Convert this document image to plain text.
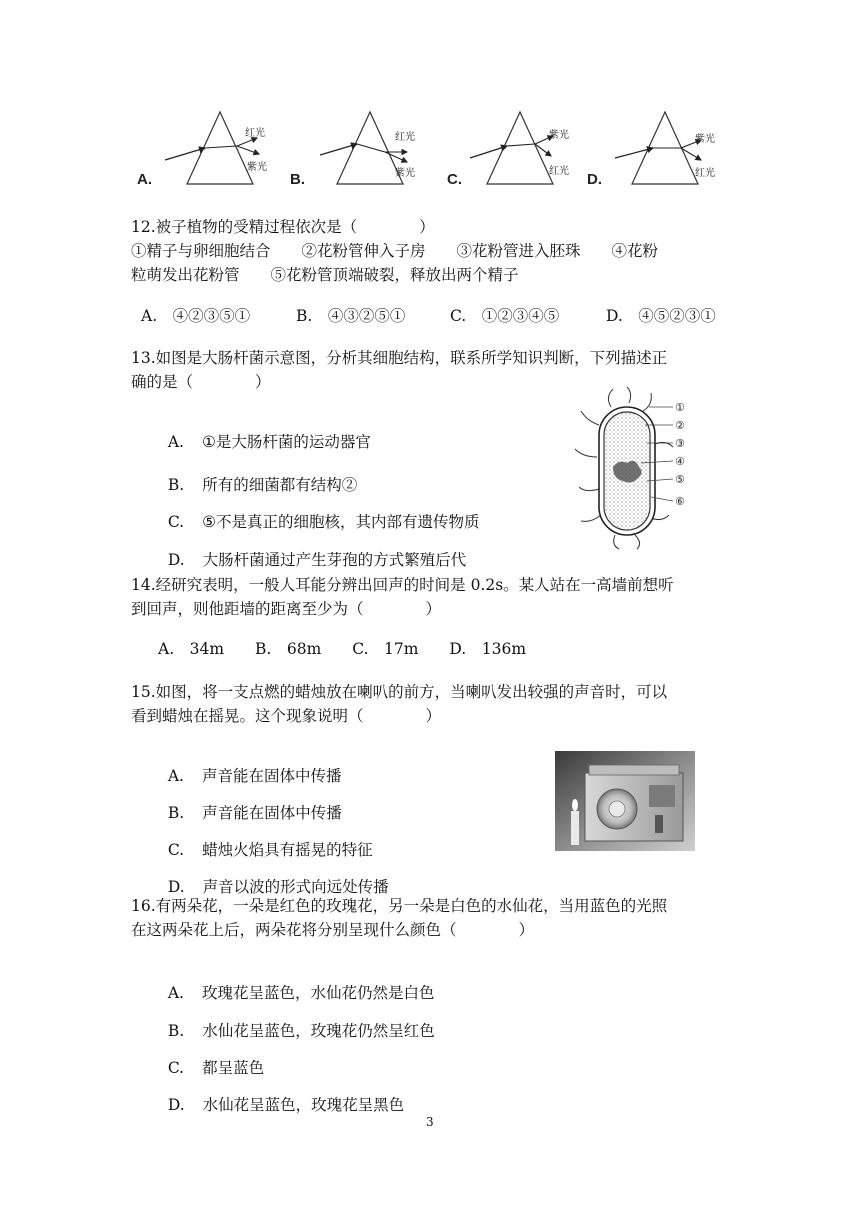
红光
紫光
A.
红光
紫光
B.
紫光
红光
C.
紫光
红光
D.
12.被子植物的受精过程依次是（　　　　）
①精子与卵细胞结合　　②花粉管伸入子房　　③花粉管进入胚珠　　④花粉
粒萌发出花粉管　　⑤花粉管顶端破裂，释放出两个精子
A.　④②③⑤①	B.　④③②⑤①	C.　①②③④⑤	D.　④⑤②③①
13.如图是大肠杆菌示意图，分析其细胞结构，联系所学知识判断，下列描述正
确的是（　　　　）

A. ①是大肠杆菌的运动器官

B. 所有的细菌都有结构②

C. ⑤不是真正的细胞核，其内部有遗传物质

D. 大肠杆菌通过产生芽孢的方式繁殖后代

①
②
③
④
⑤
⑥
14.经研究表明，一般人耳能分辨出回声的时间是 0.2s。某人站在一高墙前想听
到回声，则他距墙的距离至少为（　　　　）
A.　34m　　B.　68m　　C.　17m　　D.　136m
15.如图，将一支点燃的蜡烛放在喇叭的前方，当喇叭发出较强的声音时，可以
看到蜡烛在摇晃。这个现象说明（　　　　）

A. 声音能在固体中传播

B. 声音能在固体中传播

C. 蜡烛火焰具有摇晃的特征

D. 声音以波的形式向远处传播

16.有两朵花，一朵是红色的玫瑰花，另一朵是白色的水仙花，当用蓝色的光照
在这两朵花上后，两朵花将分别呈现什么颜色（　　　　）

A. 玫瑰花呈蓝色，水仙花仍然是白色

B. 水仙花呈蓝色，玫瑰花仍然呈红色

C. 都呈蓝色

D. 水仙花呈蓝色，玫瑰花呈黑色

3
